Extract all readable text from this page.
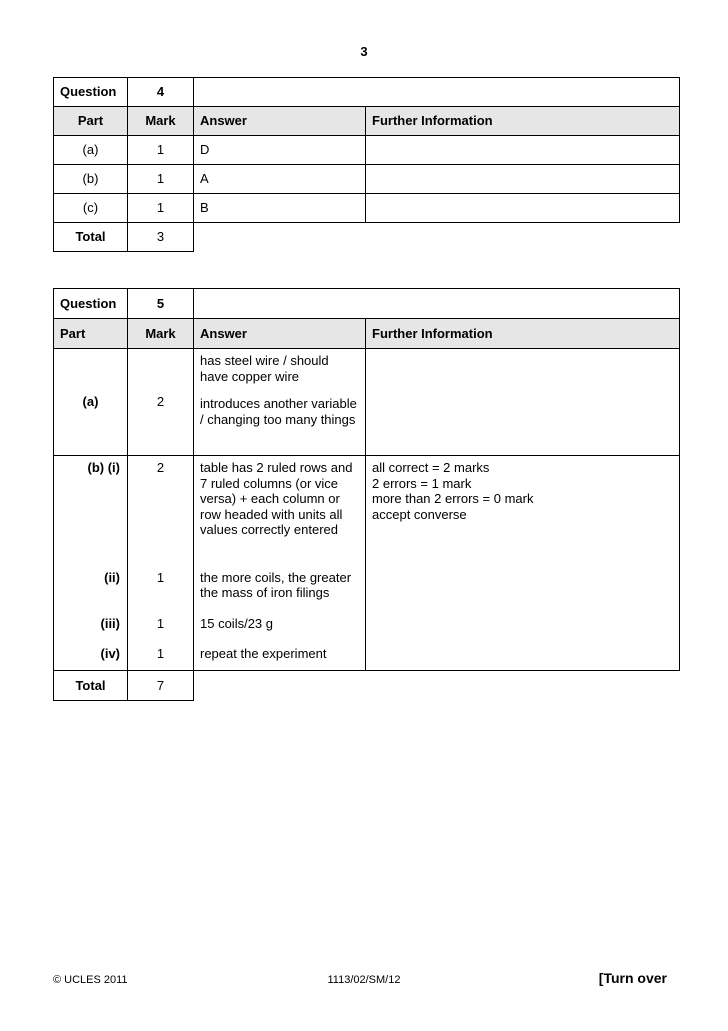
3
Question	4		
Part	Mark	Answer	Further Information
(a)	1	D	
(b)	1	A	
(c)	1	B	
Total	3		
Question	5		
Part	Mark	Answer	Further Information
(a)	2	has steel wire / should have copper wire
introduces another variable / changing too many things	
(b) (i)	2	table has 2 ruled rows and 7 ruled columns (or vice versa) + each column or row headed with units all values correctly entered	all correct = 2 marks
2 errors = 1 mark
more than 2 errors = 0 mark
accept converse

(ii)	1	the more coils, the greater the mass of iron filings	
(iii)	1	15 coils/23 g	
(iv)	1	repeat the experiment	
Total	7		
© UCLES 2011	1113/02/SM/12	[Turn over
